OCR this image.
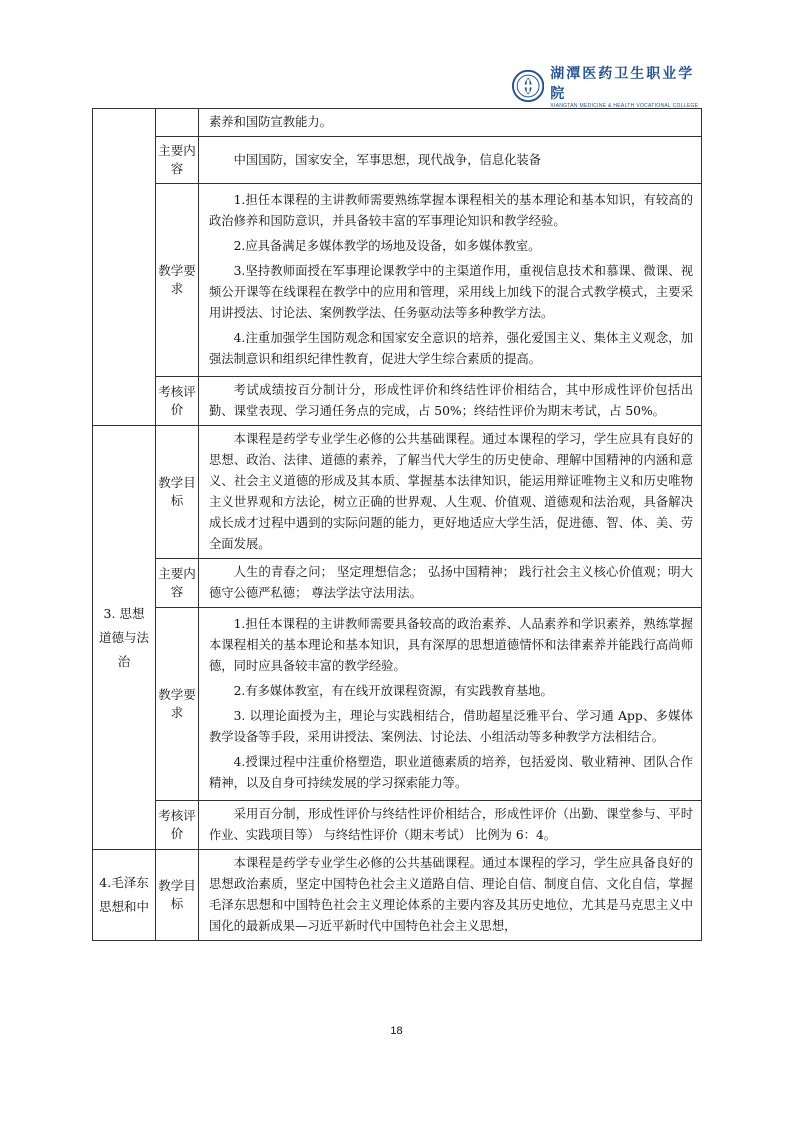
湖潭医药卫生职业学院
XIANGTAN MEDICINE & HEALTH VOCATIONAL COLLEGE

		素养和国防宣教能力。

	主要内容	中国国防，国家安全，军事思想，现代战争，信息化装备

	教学要求	1.担任本课程的主讲教师需要熟练掌握本课程相关的基本理论和基本知识，有较高的政治修养和国防意识，并具备较丰富的军事理论知识和教学经验。

2.应具备满足多媒体教学的场地及设备，如多媒体教室。

3.坚持教师面授在军事理论课教学中的主渠道作用，重视信息技术和慕课、微课、视频公开课等在线课程在教学中的应用和管理，采用线上加线下的混合式教学模式，主要采用讲授法、讨论法、案例教学法、任务驱动法等多种教学方法。

4.注重加强学生国防观念和国家安全意识的培养，强化爱国主义、集体主义观念，加强法制意识和组织纪律性教育，促进大学生综合素质的提高。

	考核评价	考试成绩按百分制计分，形成性评价和终结性评价相结合，其中形成性评价包括出勤、课堂表现、学习通任务点的完成，占 50%；终结性评价为期末考试，占 50%。

3. 思想道德与法治	教学目标	本课程是药学专业学生必修的公共基础课程。通过本课程的学习，学生应具有良好的思想、政治、法律、道德的素养，了解当代大学生的历史使命、理解中国精神的内涵和意义、社会主义道德的形成及其本质、掌握基本法律知识，能运用辩证唯物主义和历史唯物主义世界观和方法论，树立正确的世界观、人生观、价值观、道德观和法治观，具备解决成长成才过程中遇到的实际问题的能力，更好地适应大学生活，促进德、智、体、美、劳全面发展。

	主要内容	人生的青春之问； 坚定理想信念； 弘扬中国精神； 践行社会主义核心价值观；明大德守公德严私德； 尊法学法守法用法。

	教学要求	1.担任本课程的主讲教师需要具备较高的政治素养、人品素养和学识素养，熟练掌握本课程相关的基本理论和基本知识，具有深厚的思想道德情怀和法律素养并能践行高尚师德，同时应具备较丰富的教学经验。

2.有多媒体教室，有在线开放课程资源，有实践教育基地。

3. 以理论面授为主，理论与实践相结合，借助超星泛雅平台、学习通 App、多媒体教学设备等手段，采用讲授法、案例法、讨论法、小组活动等多种教学方法相结合。

4.授课过程中注重价格塑造，职业道德素质的培养，包括爱岗、敬业精神、团队合作精神，以及自身可持续发展的学习探索能力等。

	考核评价	采用百分制，形成性评价与终结性评价相结合，形成性评价（出勤、课堂参与、平时作业、实践项目等） 与终结性评价（期末考试） 比例为 6：4。

4.毛泽东思想和中	教学目标	本课程是药学专业学生必修的公共基础课程。通过本课程的学习，学生应具备良好的思想政治素质，坚定中国特色社会主义道路自信、理论自信、制度自信、文化自信，掌握毛泽东思想和中国特色社会主义理论体系的主要内容及其历史地位，尤其是马克思主义中国化的最新成果—习近平新时代中国特色社会主义思想，

18
